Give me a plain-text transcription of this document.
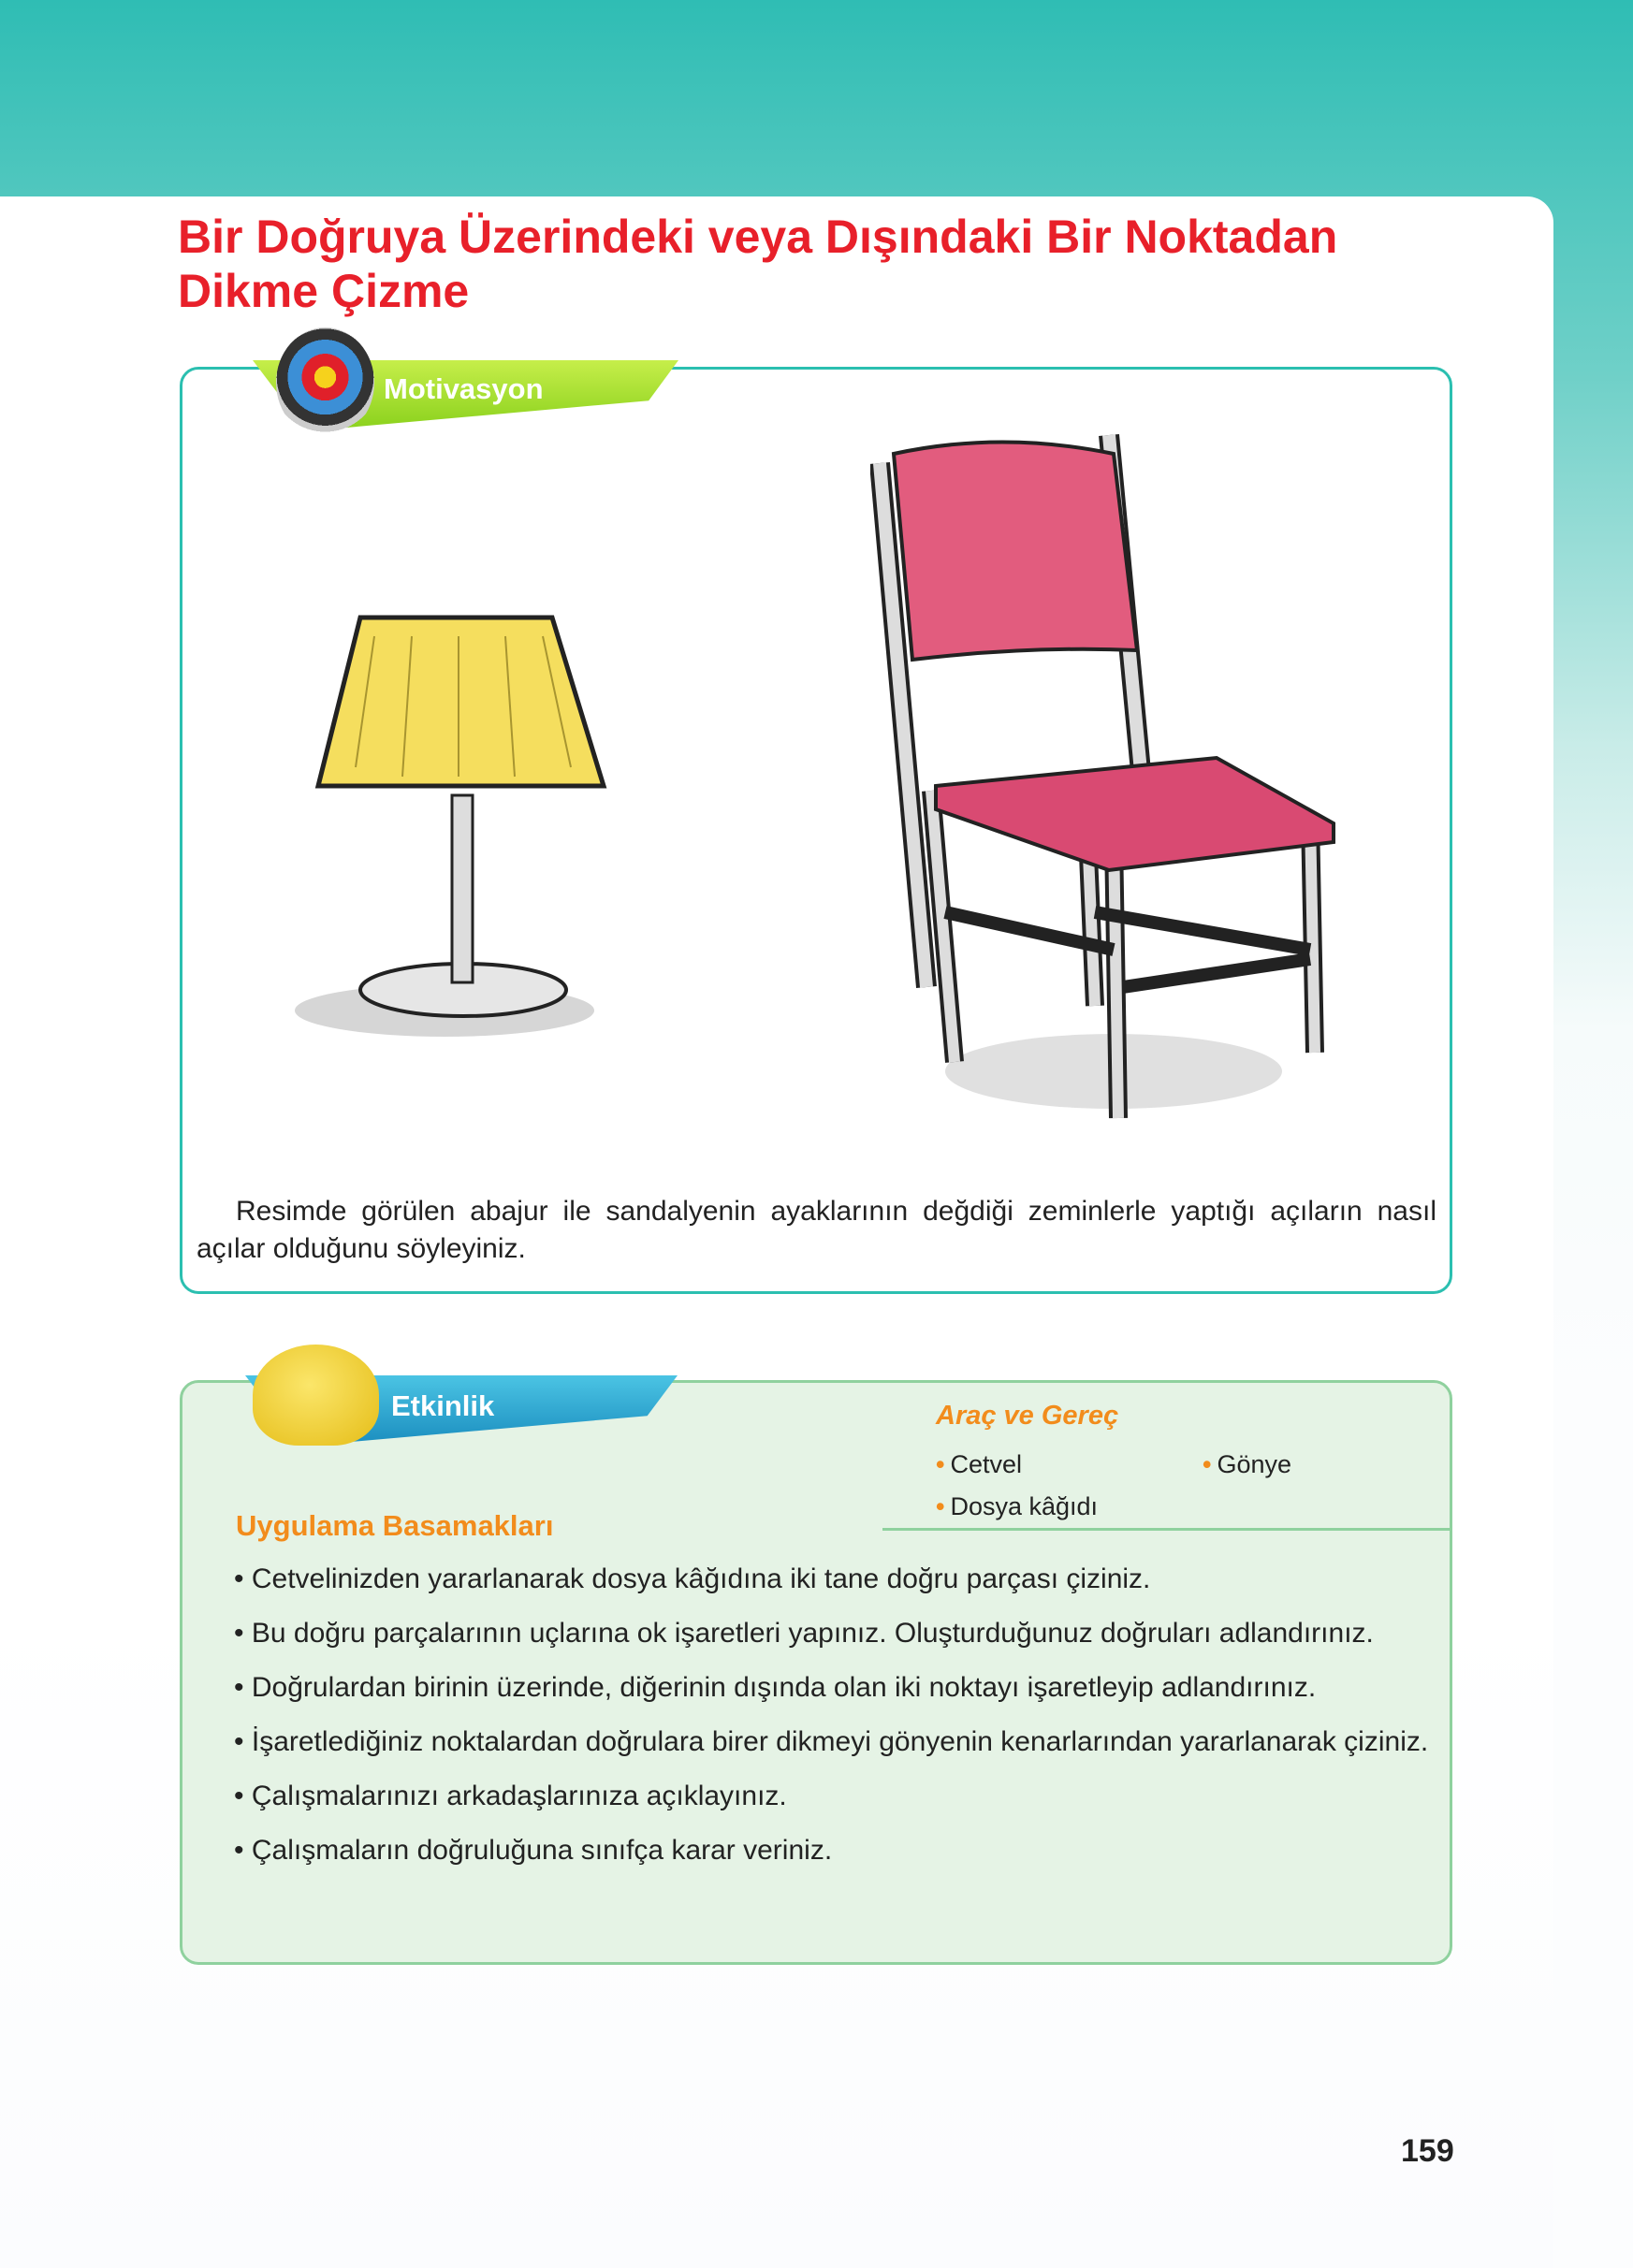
Bir Doğruya Üzerindeki veya Dışındaki Bir Noktadan Dikme Çizme
Motivasyon

Resimde görülen abajur ile sandalyenin ayaklarının değdiği zeminlerle yaptığı açıların nasıl açılar olduğunu söyleyiniz.

Etkinlik	Araç ve Gereç
• Cetvel	• Gönye
• Dosya kâğıdı
Uygulama Basamakları

• Cetvelinizden yararlanarak dosya kâğıdına iki tane doğru parçası çiziniz.

• Bu doğru parçalarının uçlarına ok işaretleri yapınız. Oluşturduğunuz doğruları adlandırınız.

• Doğrulardan birinin üzerinde, diğerinin dışında olan iki noktayı işaretleyip adlandırınız.

• İşaretlediğiniz noktalardan doğrulara birer dikmeyi gönyenin kenarlarından yararlanarak çiziniz.

• Çalışmalarınızı arkadaşlarınıza açıklayınız.

• Çalışmaların doğruluğuna sınıfça karar veriniz.

159
